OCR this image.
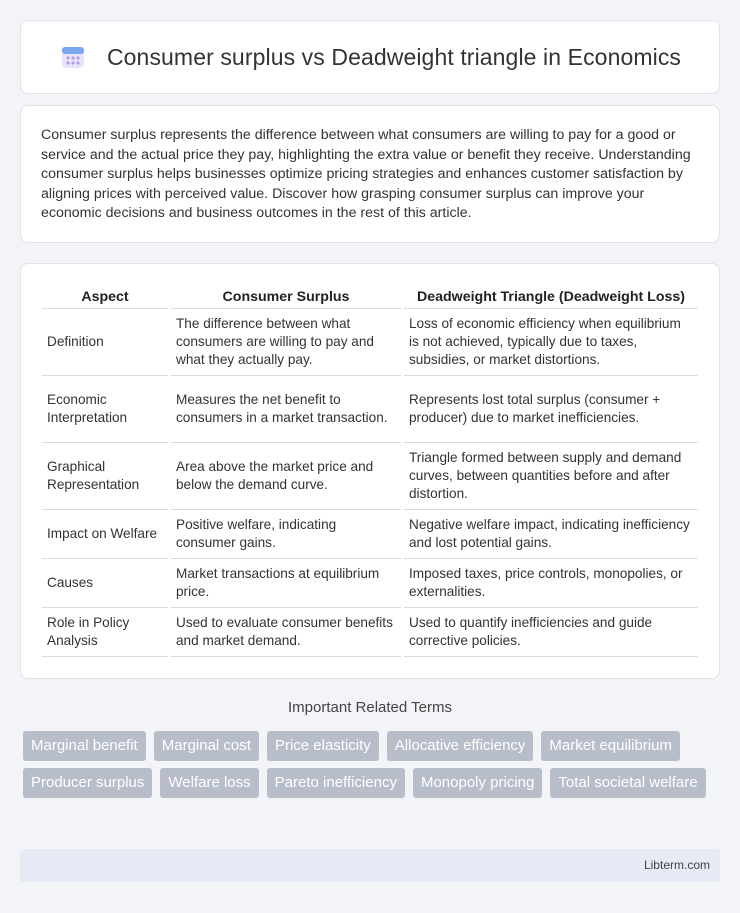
Consumer surplus vs Deadweight triangle in Economics

Consumer surplus represents the difference between what consumers are willing to pay for a good or service and the actual price they pay, highlighting the extra value or benefit they receive. Understanding consumer surplus helps businesses optimize pricing strategies and enhances customer satisfaction by aligning prices with perceived value. Discover how grasping consumer surplus can improve your economic decisions and business outcomes in the rest of this article.

Aspect	Consumer Surplus	Deadweight Triangle (Deadweight Loss)
Definition	The difference between what consumers are willing to pay and what they actually pay.	Loss of economic efficiency when equilibrium is not achieved, typically due to taxes, subsidies, or market distortions.
Economic Interpretation	Measures the net benefit to consumers in a market transaction.	Represents lost total surplus (consumer + producer) due to market inefficiencies.
Graphical Representation	Area above the market price and below the demand curve.	Triangle formed between supply and demand curves, between quantities before and after distortion.
Impact on Welfare	Positive welfare, indicating consumer gains.	Negative welfare impact, indicating inefficiency and lost potential gains.
Causes	Market transactions at equilibrium price.	Imposed taxes, price controls, monopolies, or externalities.
Role in Policy Analysis	Used to evaluate consumer benefits and market demand.	Used to quantify inefficiencies and guide corrective policies.
Important Related Terms
Marginal benefit	Marginal cost	Price elasticity	Allocative efficiency	Market equilibrium
Producer surplus	Welfare loss	Pareto inefficiency	Monopoly pricing	Total societal welfare
Libterm.com
